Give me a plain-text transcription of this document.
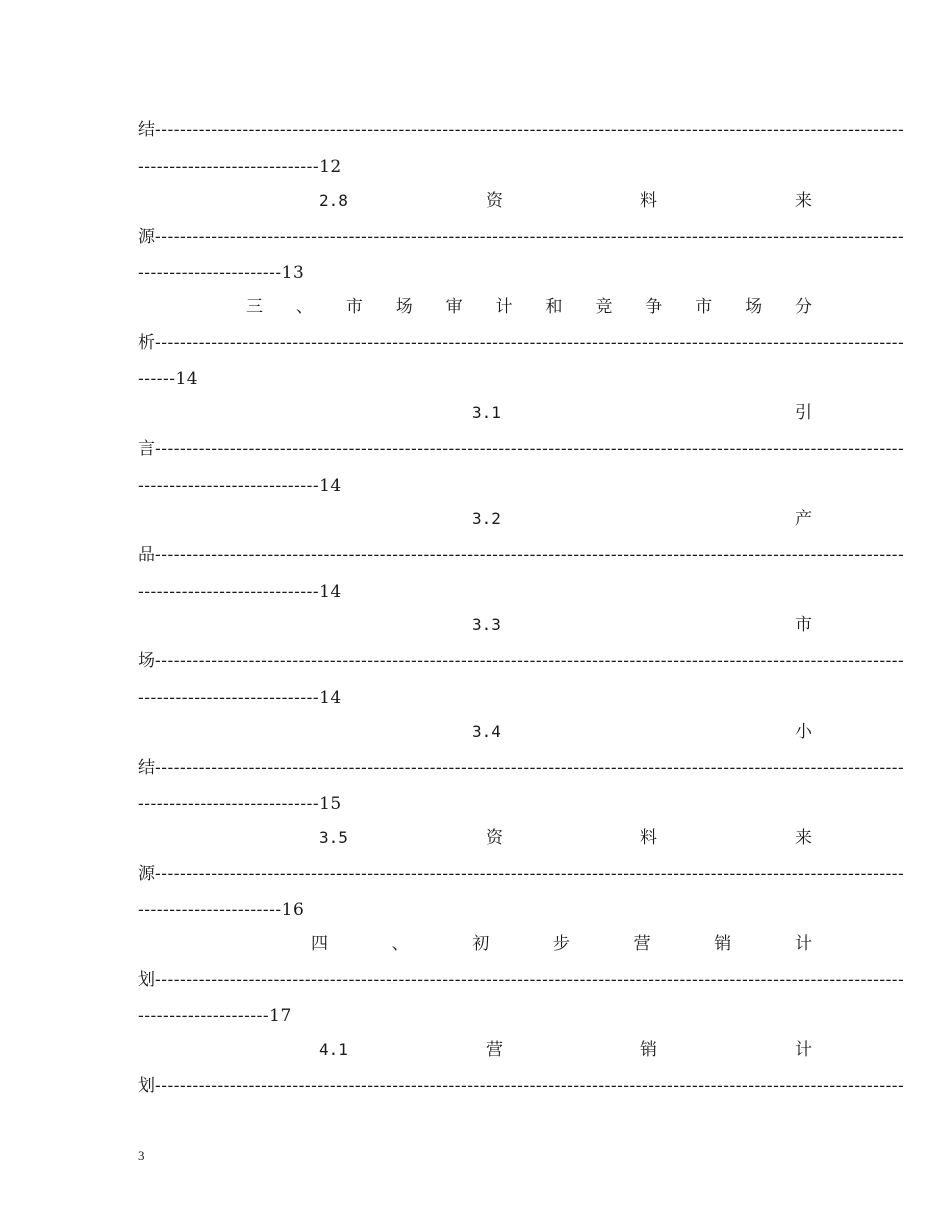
结 ------------------------------------------------------------------------------------------------------------------------
-----------------------------12
2.8	资	料	来
源 ------------------------------------------------------------------------------------------------------------------------
-----------------------13
三 、 市 场 审 计 和 竞 争 市 场 分
析 ------------------------------------------------------------------------------------------------------------------------
------14
3.1	引
言 ------------------------------------------------------------------------------------------------------------------------
-----------------------------14
3.2	产
品 ------------------------------------------------------------------------------------------------------------------------
-----------------------------14
3.3	市
场 ------------------------------------------------------------------------------------------------------------------------
-----------------------------14
3.4	小
结 ------------------------------------------------------------------------------------------------------------------------
-----------------------------15
3.5	资	料	来
源 ------------------------------------------------------------------------------------------------------------------------
-----------------------16
四	、	初	步	营	销	计
划 ------------------------------------------------------------------------------------------------------------------------
---------------------17
4.1	营	销	计
划 ------------------------------------------------------------------------------------------------------------------------
3
